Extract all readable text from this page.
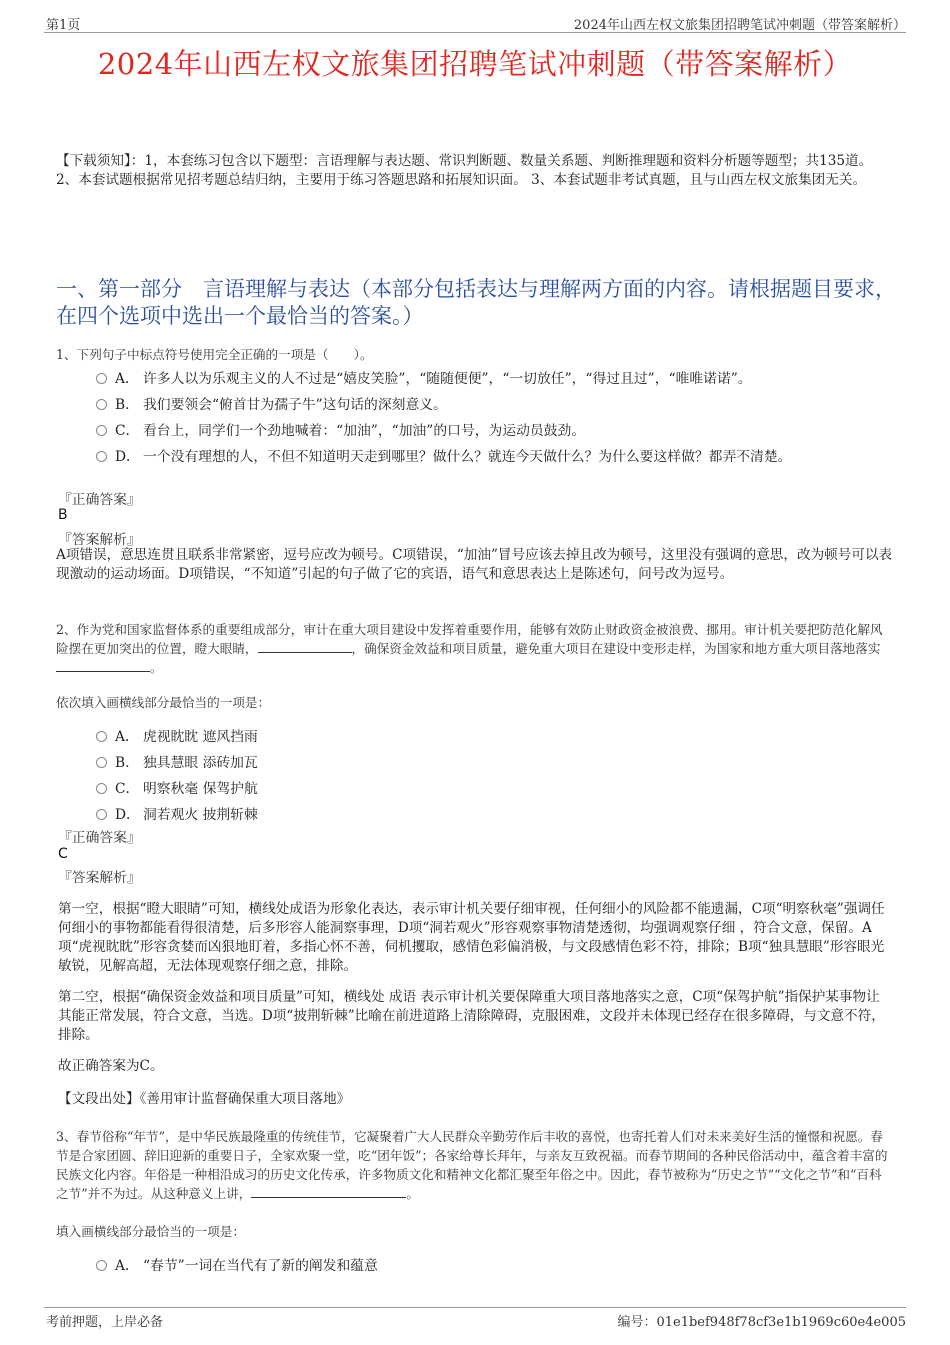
第1页	2024年山西左权文旅集团招聘笔试冲刺题（带答案解析）
2024年山西左权文旅集团招聘笔试冲刺题（带答案解析）
【下载须知】：1，本套练习包含以下题型：言语理解与表达题、常识判断题、数量关系题、判断推理题和资料分析题等题型；共135道。 2、本套试题根据常见招考题总结归纳，主要用于练习答题思路和拓展知识面。 3、本套试题非考试真题，且与山西左权文旅集团无关。
一、第一部分　言语理解与表达（本部分包括表达与理解两方面的内容。请根据题目要求，在四个选项中选出一个最恰当的答案。）
1、下列句子中标点符号使用完全正确的一项是（　　）。
A． 许多人以为乐观主义的人不过是“嬉皮笑脸”，“随随便便”，“一切放任”，“得过且过”，“唯唯诺诺”。
B. 我们要领会“俯首甘为孺子牛”这句话的深刻意义。
C． 看台上，同学们一个劲地喊着：“加油”，“加油”的口号，为运动员鼓劲。
D． 一个没有理想的人，不但不知道明天走到哪里？做什么？就连今天做什么？为什么要这样做？都弄不清楚。
『正确答案』
B
『答案解析』
A项错误，意思连贯且联系非常紧密，逗号应改为顿号。C项错误，“加油”冒号应该去掉且改为顿号，这里没有强调的意思，改为顿号可以表现激动的运动场面。D项错误，“不知道”引起的句子做了它的宾语，语气和意思表达上是陈述句，问号改为逗号。
2、作为党和国家监督体系的重要组成部分，审计在重大项目建设中发挥着重要作用，能够有效防止财政资金被浪费、挪用。审计机关要把防范化解风险摆在更加突出的位置，瞪大眼睛，	，确保资金效益和项目质量，避免重大项目在建设中变形走样，为国家和地方重大项目落地落实。
依次填入画横线部分最恰当的一项是：
A． 虎视眈眈 遮风挡雨
B. 独具慧眼 添砖加瓦
C． 明察秋毫 保驾护航
D． 洞若观火 披荆斩棘
『正确答案』
C
『答案解析』
第一空，根据“瞪大眼睛”可知，横线处成语为形象化表达，表示审计机关要仔细审视，任何细小的风险都不能遗漏，C项“明察秋毫”强调任何细小的事物都能看得很清楚，后多形容人能洞察事理，D项“洞若观火”形容观察事物清楚透彻，均强调观察仔细 ，符合文意，保留。A项“虎视眈眈”形容贪婪而凶狠地盯着，多指心怀不善，伺机攫取，感情色彩偏消极，与文段感情色彩不符，排除；B项“独具慧眼”形容眼光敏锐，见解高超，无法体现观察仔细之意，排除。
第二空，根据“确保资金效益和项目质量”可知，横线处 成语 表示审计机关要保障重大项目落地落实之意，C项“保驾护航”指保护某事物让其能正常发展，符合文意，当选。D项“披荆斩棘”比喻在前进道路上清除障碍，克服困难，文段并未体现已经存在很多障碍，与文意不符，排除。
故正确答案为C。
【文段出处】《善用审计监督确保重大项目落地》
3、春节俗称“年节”，是中华民族最隆重的传统佳节，它凝聚着广大人民群众辛勤劳作后丰收的喜悦，也寄托着人们对未来美好生活的憧憬和祝愿。春节是合家团圆、辞旧迎新的重要日子，全家欢聚一堂，吃“团年饭”；各家给尊长拜年，与亲友互致祝福。而春节期间的各种民俗活动中，蕴含着丰富的民族文化内容。年俗是一种相沿成习的历史文化传承，许多物质文化和精神文化都汇聚至年俗之中。因此，春节被称为“历史之节”“文化之节”和“百科之节”并不为过。从这种意义上讲，	。
填入画横线部分最恰当的一项是：
A． “春节”一词在当代有了新的阐发和蕴意
考前押题，上岸必备	编号：01e1bef948f78cf3e1b1969c60e4e005
